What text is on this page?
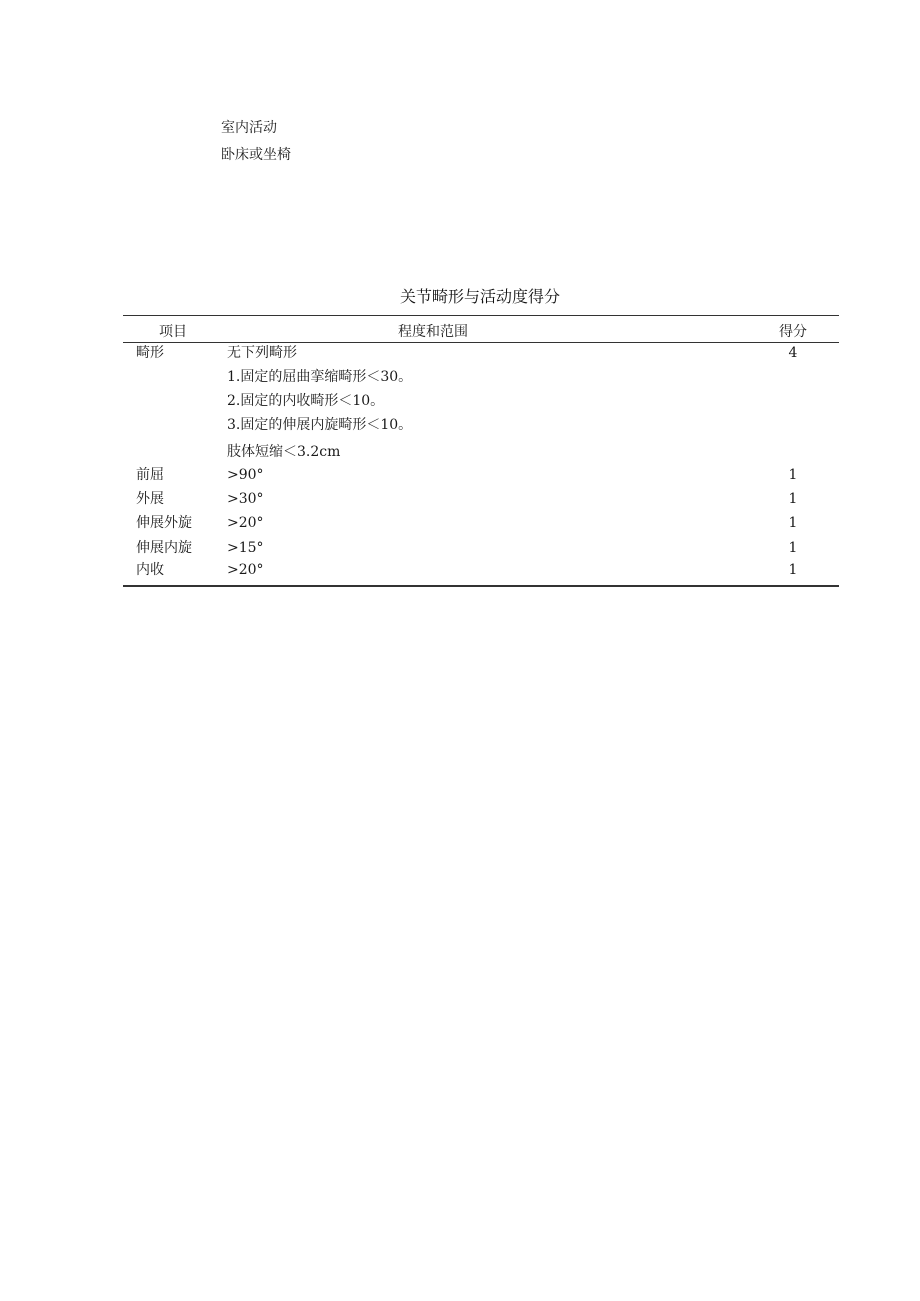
室内活动
卧床或坐椅
关节畸形与活动度得分
项目	程度和范围	得分
畸形	无下列畸形	4
1.固定的屈曲挛缩畸形＜30。
2.固定的内收畸形＜10。
3.固定的伸展内旋畸形＜10。
肢体短缩＜3.2cm
前屈	>90°	1
外展	>30°	1
伸展外旋	>20°	1
伸展内旋	>15°	1
内收	>20°	1
